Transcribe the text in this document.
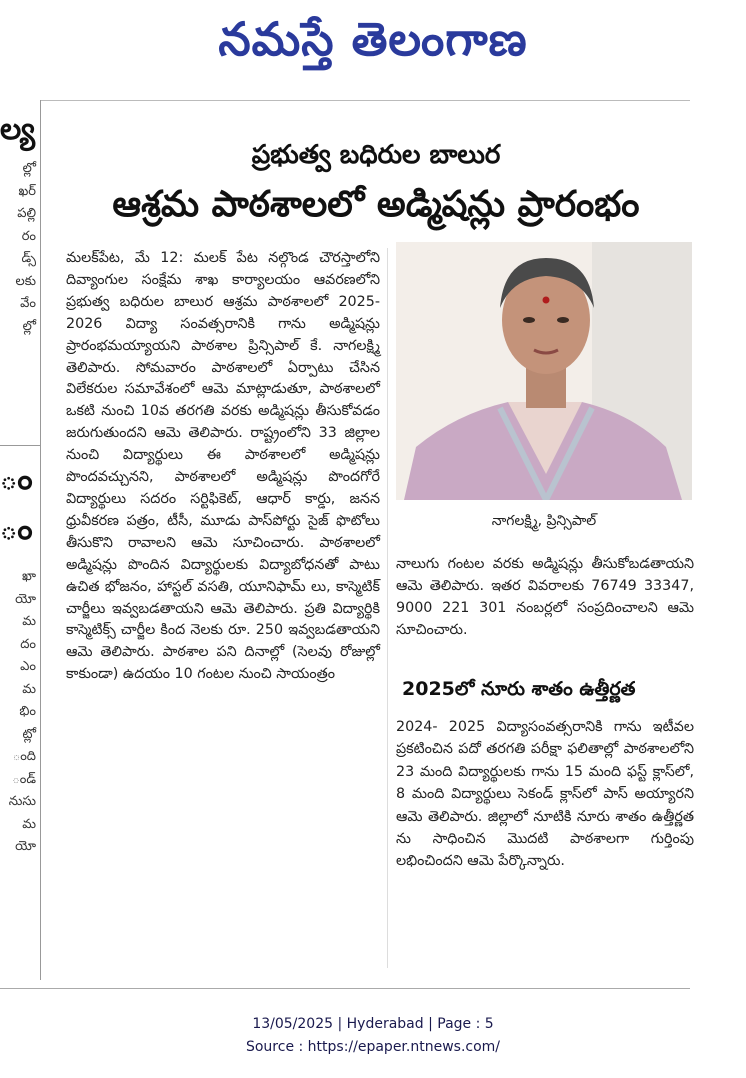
నమస్తే తెలంగాణ
ల్య
ల్లో
ఖర్
పల్లి
రం
డ్స్
లకు
వేం
ల్లో
ం
ం
ఖా
యో
మ
దం
ఎం
మ
భిం
ట్లో
ంది
ండ్
నుసు
మ
యో
ప్రభుత్వ బధిరుల బాలుర
ఆశ్రమ పాఠశాలలో అడ్మిషన్లు ప్రారంభం
మలక్‌పేట, మే 12: మలక్ పేట నల్గొండ చౌరస్తాలోని దివ్యాంగుల సంక్షేమ శాఖ కార్యాలయం ఆవరణలోని ప్రభుత్వ బధిరుల బాలుర ఆశ్రమ పాఠశాలలో 2025-2026 విద్యా సంవత్సరానికి గాను అడ్మిషన్లు ప్రారంభమయ్యాయని పాఠశాల ప్రిన్సిపాల్ కే. నాగలక్ష్మి తెలిపారు. సోమవారం పాఠశాలలో ఏర్పాటు చేసిన విలేకరుల సమావేశంలో ఆమె మాట్లాడుతూ, పాఠశాలలో ఒకటి నుంచి 10వ తరగతి వరకు అడ్మిషన్లు తీసుకోవడం జరుగుతుందని ఆమె తెలిపారు. రాష్ట్రంలోని 33 జిల్లాల నుంచి విద్యార్థులు ఈ పాఠశాలలో అడ్మిషన్లు పొందవచ్చునని, పాఠశాలలో అడ్మిషన్లు పొందగోరే విద్యార్థులు సదరం సర్టిఫికెట్, ఆధార్ కార్డు, జనన ధ్రువీకరణ పత్రం, టీసీ, మూడు పాస్‌పోర్టు సైజ్ ఫొటోలు తీసుకొని రావాలని ఆమె సూచించారు. పాఠశాలలో అడ్మిషన్లు పొందిన విద్యార్థులకు విద్యాబోధనతో పాటు ఉచిత భోజనం, హాస్టల్ వసతి, యూనిఫామ్ లు, కాస్మెటిక్ చార్జీలు ఇవ్వబడతాయని ఆమె తెలిపారు. ప్రతి విద్యార్థికి కాస్మెటిక్స్ చార్జీల కింద నెలకు రూ. 250 ఇవ్వబడతాయని ఆమె తెలిపారు. పాఠశాల పని దినాల్లో (సెలవు రోజుల్లో కాకుండా) ఉదయం 10 గంటల నుంచి సాయంత్రం
నాగలక్ష్మి, ప్రిన్సిపాల్
నాలుగు గంటల వరకు అడ్మిషన్లు తీసుకోబడతాయని ఆమె తెలిపారు. ఇతర వివరాలకు 76749 33347, 9000 221 301 నంబర్లలో సంప్రదించాలని ఆమె సూచించారు.
2025లో నూరు శాతం ఉత్తీర్ణత
2024- 2025 విద్యాసంవత్సరానికి గాను ఇటీవల ప్రకటించిన పదో తరగతి పరీక్షా ఫలితాల్లో పాఠశాలలోని 23 మంది విద్యార్థులకు గాను 15 మంది ఫస్ట్ క్లాస్‌లో, 8 మంది విద్యార్థులు సెకండ్ క్లాస్‌లో పాస్ అయ్యారని ఆమె తెలిపారు. జిల్లాలో నూటికి నూరు శాతం ఉత్తీర్ణత ను సాధించిన మొదటి పాఠశాలగా గుర్తింపు లభించిందని ఆమె పేర్కొన్నారు.
13/05/2025 | Hyderabad | Page : 5
Source : https://epaper.ntnews.com/
